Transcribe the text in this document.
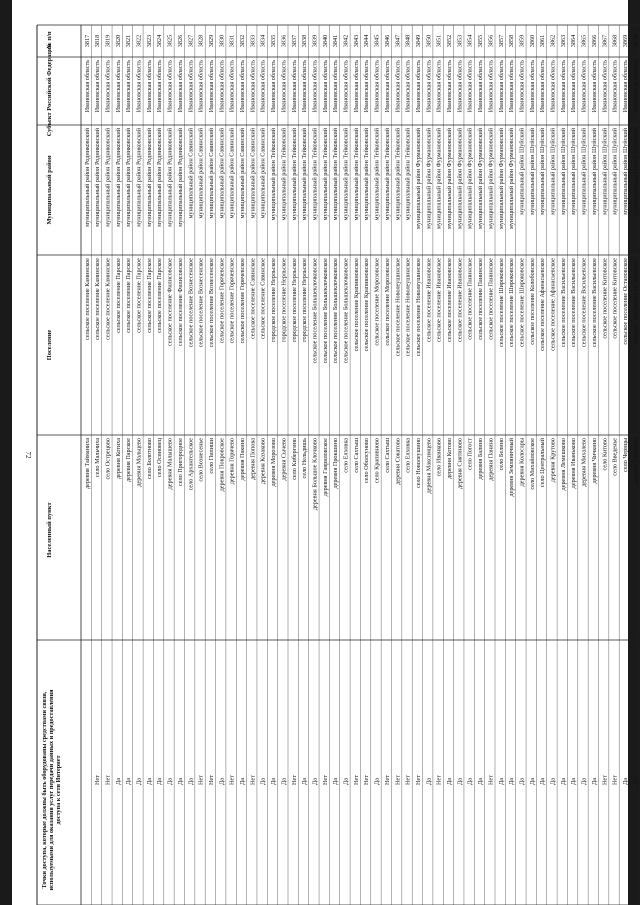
72
№ п/п
Субъект Российской Федерации
Муниципальный район
Поселение
Населенный пункт
Точки доступа, которые должны быть оборудованы средствами связи, используемыми для оказания услуг передачи данных и предоставления доступа к сети Интернет
3817
Ивановская область
муниципальный район Родниковский
сельское поселение Каминское
деревня Тайманиха
3818
Ивановская область
муниципальный район Родниковский
сельское поселение Каминское
село Мальчиха
Нет
3819
Ивановская область
муниципальный район Родниковский
сельское поселение Каминское
село Острецово
Нет
3820
Ивановская область
муниципальный район Родниковский
сельское поселение Парское
деревня Котиха
Да
3821
Ивановская область
муниципальный район Родниковский
сельское поселение Парское
деревня Парское
Да
3822
Ивановская область
муниципальный район Родниковский
сельское поселение Парское
деревня Мальцево
Да
3823
Ивановская область
муниципальный район Родниковский
сельское поселение Парское
село Болотново
Да
3824
Ивановская область
муниципальный район Родниковский
сельское поселение Парское
село Осиновец
Да
3825
Ивановская область
муниципальный район Родниковский
сельское поселение Филисовское
деревня Малышево
Да
3826
Ивановская область
муниципальный район Родниковский
сельское поселение Филисовское
село Пригородное
Да
3827
Ивановская область
муниципальный район Савинский
сельское поселение Вознесенское
село Архангельское
Да
3828
Ивановская область
муниципальный район Савинский
сельское поселение Вознесенское
село Вознесенье
Нет
3829
Ивановская область
муниципальный район Савинский
сельское поселение Вознесенское
село Пилиши
Нет
3830
Ивановская область
муниципальный район Савинский
сельское поселение Горячевское
деревня Покровское
Да
3831
Ивановская область
муниципальный район Савинский
сельское поселение Горячевское
деревня Горячево
Нет
3832
Ивановская область
муниципальный район Савинский
сельское поселение Горячевское
деревня Пакино
Да
3833
Ивановская область
муниципальный район Савинский
сельское поселение Савинское
деревня Попова
Нет
3834
Ивановская область
муниципальный район Савинский
сельское поселение Савинское
деревня Казаково
Да
3835
Ивановская область
муниципальный район Тейковский
городское поселение Нерльское
деревня Морозово
Да
3836
Ивановская область
муниципальный район Тейковский
городское поселение Нерльское
деревня Сычево
Да
3837
Ивановская область
муниципальный район Тейковский
городское поселение Нерльское
село Кибергино
Нет
3838
Ивановская область
муниципальный район Тейковский
городское поселение Нерльское
село Нельдишь
Да
3839
Ивановская область
муниципальный район Тейковский
сельское поселение Большеклочковское
деревня Большое Клочково
Да
3840
Ивановская область
муниципальный район Тейковский
сельское поселение Большеклочковское
деревня Гавриловское
Нет
3841
Ивановская область
муниципальный район Тейковский
сельское поселение Большеклочковское
деревня Прокшино
Да
3842
Ивановская область
муниципальный район Тейковский
сельское поселение Большеклочковское
село Елховка
Да
3843
Ивановская область
муниципальный район Тейковский
сельское поселение Крапивновское
село Сахтыш
Нет
3844
Ивановская область
муниципальный район Тейковский
сельское поселение Крапивновское
село Оболсуново
Нет
3845
Ивановская область
муниципальный район Тейковский
сельское поселение Морозовское
село Крапивново
Да
3846
Ивановская область
муниципальный район Тейковский
сельское поселение Морозовское
село Сахтыш
Нет
3847
Ивановская область
муниципальный район Тейковский
сельское поселение Новолеушинское
деревня Сокатово
Нет
3848
Ивановская область
муниципальный район Тейковский
сельское поселение Новолеушинское
село Елховка
Нет
3849
Ивановская область
муниципальный район Фурмановский
сельское поселение Новолеушинское
село Новолеушино
Нет
3850
Ивановская область
муниципальный район Фурмановский
сельское поселение Ивановское
деревня Максимцево
Да
3851
Ивановская область
муниципальный район Фурмановский
сельское поселение Ивановское
село Иванково
Нет
3852
Ивановская область
муниципальный район Фурмановский
сельское поселение Ивановское
деревня Котово
Да
3853
Ивановская область
муниципальный район Фурмановский
сельское поселение Ивановское
деревня Снятиново
Да
3854
Ивановская область
муниципальный район Фурмановский
сельское поселение Панинское
село Погост
Да
3855
Ивановская область
муниципальный район Фурмановский
сельское поселение Панинское
деревня Балино
Да
3856
Ивановская область
муниципальный район Фурмановский
сельское поселение Панинское
деревня Панино
Нет
3857
Ивановская область
муниципальный район Фурмановский
сельское поселение Широковское
село Белино
Да
3858
Ивановская область
муниципальный район Фурмановский
сельское поселение Широковское
деревня Земляничный
Да
3859
Ивановская область
муниципальный район Шуйский
сельское поселение Широковское
деревня Колосары
Да
3860
Ивановская область
муниципальный район Шуйский
сельское поселение Колобовское
село Михайловское
Да
3861
Ивановская область
муниципальный район Шуйский
сельское поселение Афанасьевское
село Центральный
Да
3862
Ивановская область
муниципальный район Шуйский
сельское поселение Афанасьевское
деревня Крутово
Да
3863
Ивановская область
муниципальный район Шуйский
сельское поселение Васильевское
деревня Лемешково
Да
3864
Ивановская область
муниципальный район Шуйский
сельское поселение Васильевское
деревня Иваньково
Да
3865
Ивановская область
муниципальный район Шуйский
сельское поселение Васильевское
деревня Михалево
Да
3866
Ивановская область
муниципальный район Шуйский
сельское поселение Васильевское
деревня Чичкино
Да
3867
Ивановская область
муниципальный район Шуйский
сельское поселение Китовское
село Китово
Нет
3868
Ивановская область
муниципальный район Шуйский
сельское поселение Китовское
село Введенье
Нет
3869
Ивановская область
муниципальный район Шуйский
сельское поселение Остаповское
село Чернцы
Да
3870
Ивановская область
муниципальный район Шуйский
сельское поселение Остаповское
деревня Елисеево
Да
